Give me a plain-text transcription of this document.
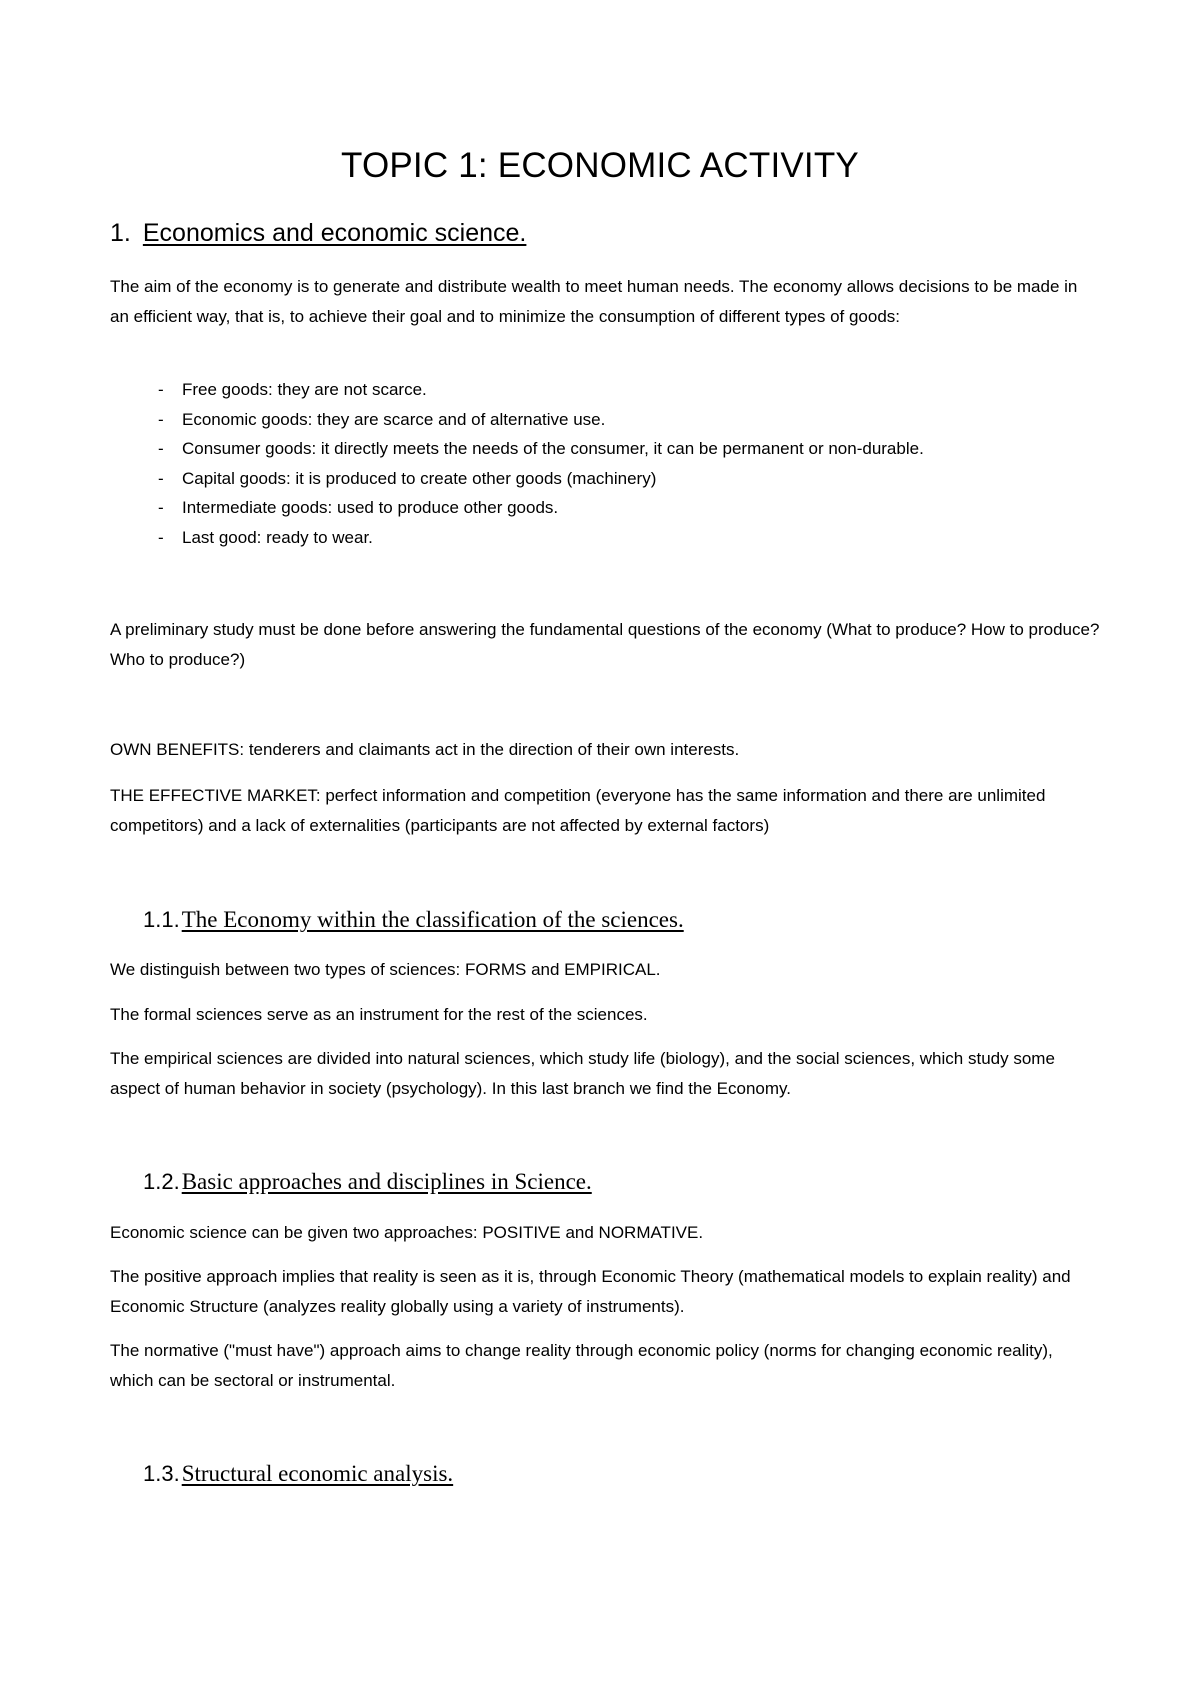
TOPIC 1: ECONOMIC ACTIVITY
1. Economics and economic science.

The aim of the economy is to generate and distribute wealth to meet human needs. The economy allows decisions to be made in an efficient way, that is, to achieve their goal and to minimize the consumption of different types of goods:

-	Free goods: they are not scarce.
-	Economic goods: they are scarce and of alternative use.
-	Consumer goods: it directly meets the needs of the consumer, it can be permanent or non-durable.
-	Capital goods: it is produced to create other goods (machinery)
-	Intermediate goods: used to produce other goods.
-	Last good: ready to wear.

A preliminary study must be done before answering the fundamental questions of the economy (What to produce? How to produce? Who to produce?)

OWN BENEFITS: tenderers and claimants act in the direction of their own interests.

THE EFFECTIVE MARKET: perfect information and competition (everyone has the same information and there are unlimited competitors) and a lack of externalities (participants are not affected by external factors)

1.1.The Economy within the classification of the sciences.

We distinguish between two types of sciences: FORMS and EMPIRICAL.

The formal sciences serve as an instrument for the rest of the sciences.

The empirical sciences are divided into natural sciences, which study life (biology), and the social sciences, which study some aspect of human behavior in society (psychology). In this last branch we find the Economy.

1.2.Basic approaches and disciplines in Science.

Economic science can be given two approaches: POSITIVE and NORMATIVE.

The positive approach implies that reality is seen as it is, through Economic Theory (mathematical models to explain reality) and Economic Structure (analyzes reality globally using a variety of instruments).

The normative ("must have") approach aims to change reality through economic policy (norms for changing economic reality), which can be sectoral or instrumental.

1.3.Structural economic analysis.
